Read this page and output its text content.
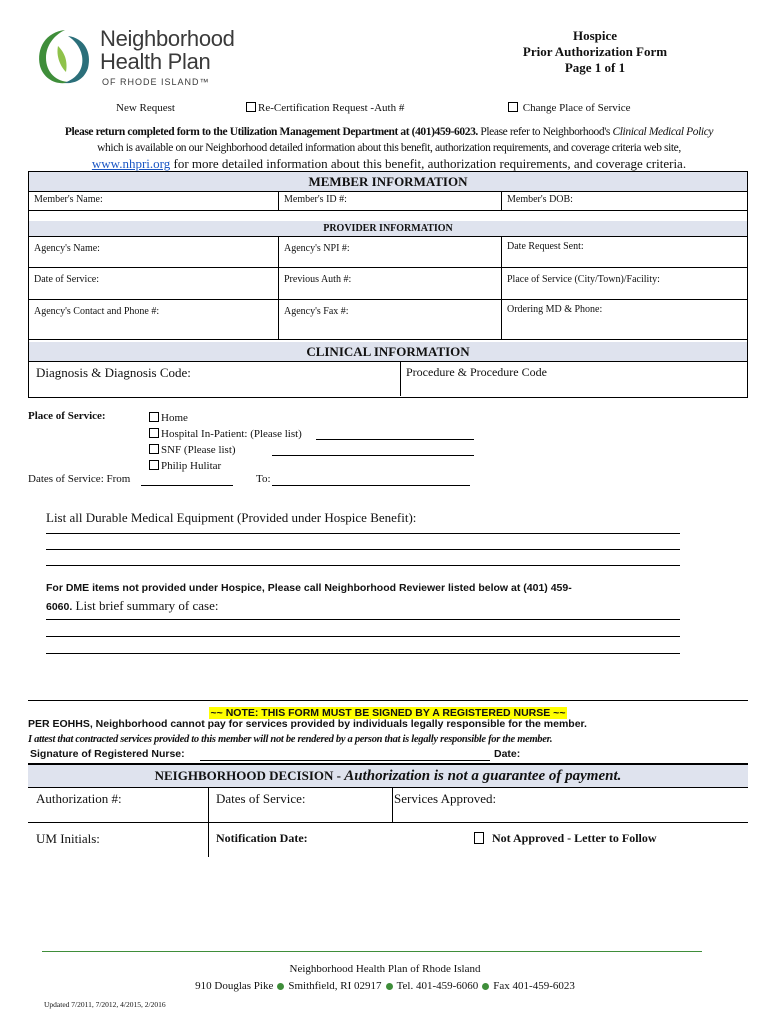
Neighborhood
Health Plan
OF RHODE ISLAND™
Hospice
Prior Authorization Form
Page 1 of 1
New Request	Re-Certification Request -Auth #	Change Place of Service
Please return completed form to the Utilization Management Department at (401)459-6023. Please refer to Neighborhood's Clinical Medical Policy
which is available on our Neighborhood detailed information about this benefit, authorization requirements, and coverage criteria web site,
www.nhpri.org for more detailed information about this benefit, authorization requirements, and coverage criteria.
MEMBER INFORMATION
Member's Name:	Member's ID #:	Member's DOB:
PROVIDER INFORMATION
Agency's Name:	Agency's NPI #:	Date Request Sent:
Date of Service:	Previous Auth #:	Place of Service (City/Town)/Facility:
Agency's Contact and Phone #:	Agency's Fax #:	Ordering MD & Phone:
CLINICAL INFORMATION
Diagnosis & Diagnosis Code:	Procedure & Procedure Code
Place of Service:	Home
Hospital In-Patient: (Please list)
SNF (Please list)
Philip Hulitar
Dates of Service: From	To:
List all Durable Medical Equipment (Provided under Hospice Benefit):
For DME items not provided under Hospice, Please call Neighborhood Reviewer listed below at (401) 459-
6060. List brief summary of case:
~~ NOTE: THIS FORM MUST BE SIGNED BY A REGISTERED NURSE ~~
PER EOHHS, Neighborhood cannot pay for services provided by individuals legally responsible for the member.
I attest that contracted services provided to this member will not be rendered by a person that is legally responsible for the member.
Signature of Registered Nurse:	Date:
NEIGHBORHOOD DECISION - Authorization is not a guarantee of payment.
Authorization #:	Dates of Service:	Services Approved:
UM Initials:	Notification Date:	Not Approved - Letter to Follow
Neighborhood Health Plan of Rhode Island
910 Douglas Pike Smithfield, RI 02917 Tel. 401-459-6060 Fax 401-459-6023
Updated 7/2011, 7/2012, 4/2015, 2/2016
